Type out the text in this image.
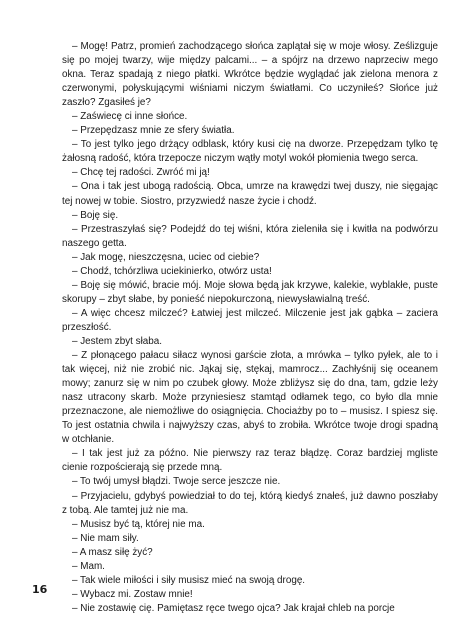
– Mogę! Patrz, promień zachodzącego słońca zaplątał się w moje włosy. Ześlizguje się po mojej twarzy, wije między palcami... – a spójrz na drzewo naprzeciw mego okna. Teraz spadają z niego płatki. Wkrótce będzie wyglądać jak zielona menora z czerwonymi, połyskującymi wiśniami niczym światłami. Co uczyniłeś? Słońce już zaszło? Zgasiłeś je?

– Zaświecę ci inne słońce.

– Przepędzasz mnie ze sfery światła.

– To jest tylko jego drżący odblask, który kusi cię na dworze. Przepędzam tylko tę żałosną radość, która trzepocze niczym wątły motyl wokół płomienia twego serca.

– Chcę tej radości. Zwróć mi ją!

– Ona i tak jest ubogą radością. Obca, umrze na krawędzi twej duszy, nie sięgając tej nowej w tobie. Siostro, przyzwiedź nasze życie i chodź.

– Boję się.

– Przestraszyłaś się? Podejdź do tej wiśni, która zieleniła się i kwitła na podwórzu naszego getta.

– Jak mogę, nieszczęsna, uciec od ciebie?

– Chodź, tchórzliwa uciekinierko, otwórz usta!

– Boję się mówić, bracie mój. Moje słowa będą jak krzywe, kalekie, wyblakłe, puste skorupy – zbyt słabe, by ponieść niepokurczoną, niewysławialną treść.

– A więc chcesz milczeć? Łatwiej jest milczeć. Milczenie jest jak gąbka – zaciera przeszłość.

– Jestem zbyt słaba.

– Z płonącego pałacu siłacz wynosi garście złota, a mrówka – tylko pyłek, ale to i tak więcej, niż nie zrobić nic. Jąkaj się, stękaj, mamrocz... Zachłyśnij się oceanem mowy; zanurz się w nim po czubek głowy. Może zbliżysz się do dna, tam, gdzie leży nasz utracony skarb. Może przyniesiesz stamtąd odłamek tego, co było dla mnie przeznaczone, ale niemożliwe do osiągnięcia. Chociażby po to – musisz. I spiesz się. To jest ostatnia chwila i najwyższy czas, abyś to zrobiła. Wkrótce twoje drogi spadną w otchłanie.

– I tak jest już za późno. Nie pierwszy raz teraz błądzę. Coraz bardziej mgliste cienie rozpościerają się przede mną.

– To twój umysł błądzi. Twoje serce jeszcze nie.

– Przyjacielu, gdybyś powiedział to do tej, którą kiedyś znałeś, już dawno poszłaby z tobą. Ale tamtej już nie ma.

– Musisz być tą, której nie ma.

– Nie mam siły.

– A masz siłę żyć?

– Mam.

– Tak wiele miłości i siły musisz mieć na swoją drogę.

– Wybacz mi. Zostaw mnie!

– Nie zostawię cię. Pamiętasz ręce twego ojca? Jak krajał chleb na porcje

16
